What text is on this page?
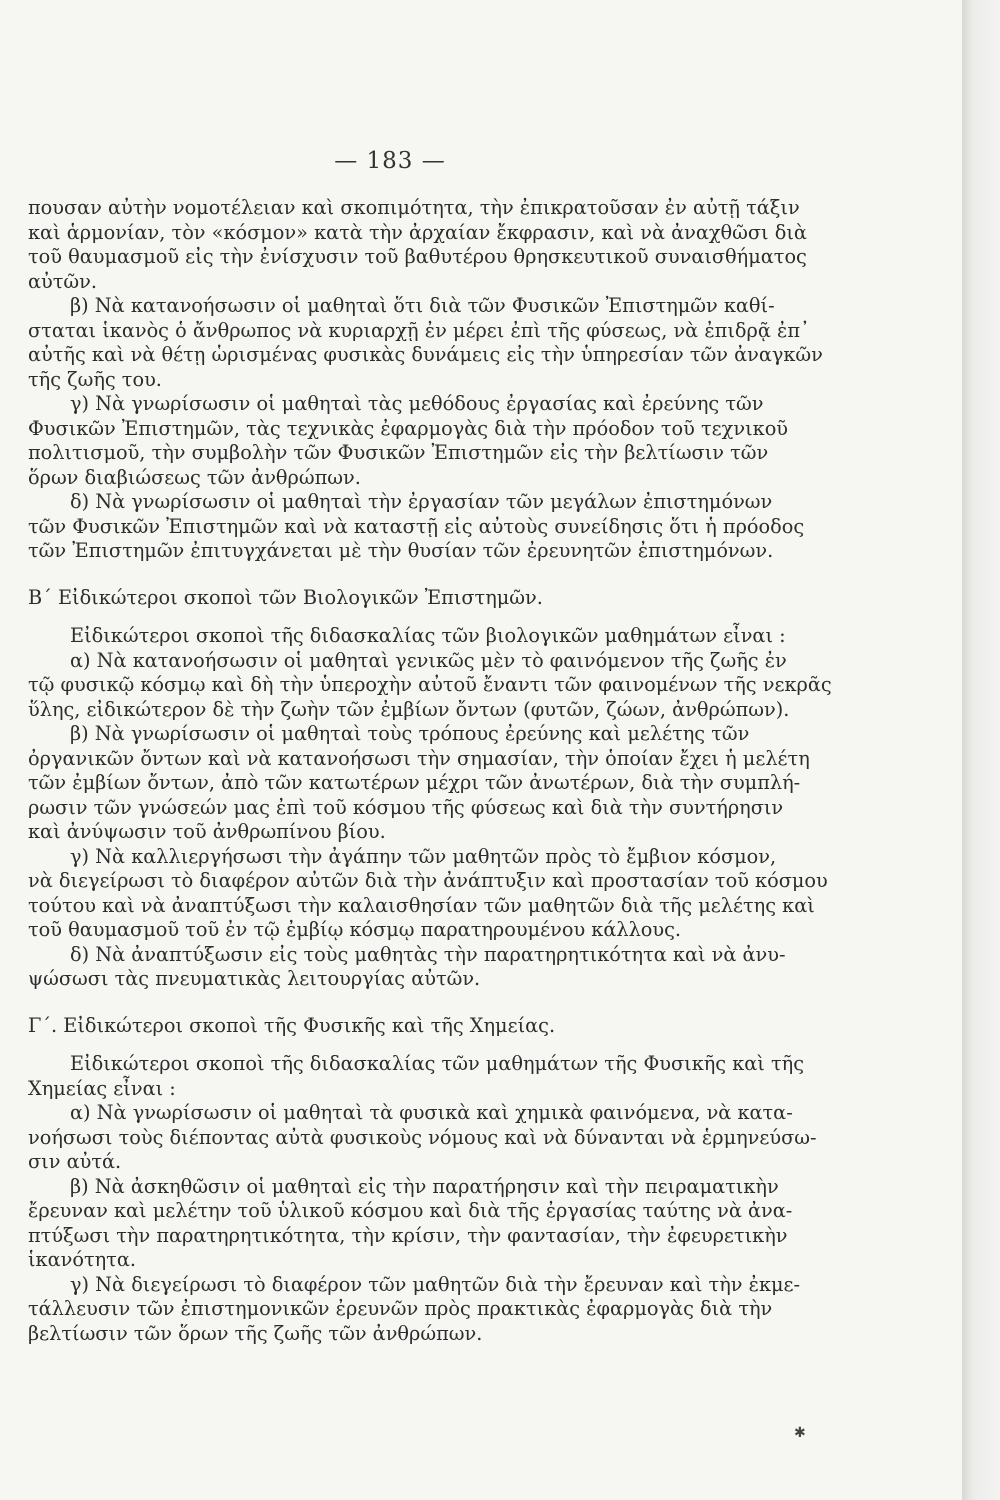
— 183 —

πουσαν αὐτὴν νομοτέλειαν καὶ σκοπιμότητα, τὴν ἐπικρατοῦσαν ἐν αὐτῇ τάξιν
καὶ ἁρμονίαν, τὸν «κόσμον» κατὰ τὴν ἀρχαίαν ἔκφρασιν, καὶ νὰ ἀναχθῶσι διὰ
τοῦ θαυμασμοῦ εἰς τὴν ἐνίσχυσιν τοῦ βαθυτέρου θρησκευτικοῦ συναισθήματος
αὐτῶν.

β) Νὰ κατανοήσωσιν οἱ μαθηταὶ ὅτι διὰ τῶν Φυσικῶν Ἐπιστημῶν καθί-
σταται ἱκανὸς ὁ ἄνθρωπος νὰ κυριαρχῇ ἐν μέρει ἐπὶ τῆς φύσεως, νὰ ἐπιδρᾷ ἐπ᾿
αὐτῆς καὶ νὰ θέτῃ ὡρισμένας φυσικὰς δυνάμεις εἰς τὴν ὑπηρεσίαν τῶν ἀναγκῶν
τῆς ζωῆς του.

γ) Νὰ γνωρίσωσιν οἱ μαθηταὶ τὰς μεθόδους ἐργασίας καὶ ἐρεύνης τῶν
Φυσικῶν Ἐπιστημῶν, τὰς τεχνικὰς ἐφαρμογὰς διὰ τὴν πρόοδον τοῦ τεχνικοῦ
πολιτισμοῦ, τὴν συμβολὴν τῶν Φυσικῶν Ἐπιστημῶν εἰς τὴν βελτίωσιν τῶν
ὅρων διαβιώσεως τῶν ἀνθρώπων.

δ) Νὰ γνωρίσωσιν οἱ μαθηταὶ τὴν ἐργασίαν τῶν μεγάλων ἐπιστημόνων
τῶν Φυσικῶν Ἐπιστημῶν καὶ νὰ καταστῇ εἰς αὐτοὺς συνείδησις ὅτι ἡ πρόοδος
τῶν Ἐπιστημῶν ἐπιτυγχάνεται μὲ τὴν θυσίαν τῶν ἐρευνητῶν ἐπιστημόνων.

Β΄ Εἰδικώτεροι σκοποὶ τῶν Βιολογικῶν Ἐπιστημῶν.

Εἰδικώτεροι σκοποὶ τῆς διδασκαλίας τῶν βιολογικῶν μαθημάτων εἶναι :

α) Νὰ κατανοήσωσιν οἱ μαθηταὶ γενικῶς μὲν τὸ φαινόμενον τῆς ζωῆς ἐν
τῷ φυσικῷ κόσμῳ καὶ δὴ τὴν ὑπεροχὴν αὐτοῦ ἔναντι τῶν φαινομένων τῆς νεκρᾶς
ὕλης, εἰδικώτερον δὲ τὴν ζωὴν τῶν ἐμβίων ὄντων (φυτῶν, ζώων, ἀνθρώπων).

β) Νὰ γνωρίσωσιν οἱ μαθηταὶ τοὺς τρόπους ἐρεύνης καὶ μελέτης τῶν
ὀργανικῶν ὄντων καὶ νὰ κατανοήσωσι τὴν σημασίαν, τὴν ὁποίαν ἔχει ἡ μελέτη
τῶν ἐμβίων ὄντων, ἀπὸ τῶν κατωτέρων μέχρι τῶν ἀνωτέρων, διὰ τὴν συμπλή-
ρωσιν τῶν γνώσεών μας ἐπὶ τοῦ κόσμου τῆς φύσεως καὶ διὰ τὴν συντήρησιν
καὶ ἀνύψωσιν τοῦ ἀνθρωπίνου βίου.

γ) Νὰ καλλιεργήσωσι τὴν ἀγάπην τῶν μαθητῶν πρὸς τὸ ἔμβιον κόσμον,
νὰ διεγείρωσι τὸ διαφέρον αὐτῶν διὰ τὴν ἀνάπτυξιν καὶ προστασίαν τοῦ κόσμου
τούτου καὶ νὰ ἀναπτύξωσι τὴν καλαισθησίαν τῶν μαθητῶν διὰ τῆς μελέτης καὶ
τοῦ θαυμασμοῦ τοῦ ἐν τῷ ἐμβίῳ κόσμῳ παρατηρουμένου κάλλους.

δ) Νὰ ἀναπτύξωσιν εἰς τοὺς μαθητὰς τὴν παρατηρητικότητα καὶ νὰ ἀνυ-
ψώσωσι τὰς πνευματικὰς λειτουργίας αὐτῶν.

Γ΄. Εἰδικώτεροι σκοποὶ τῆς Φυσικῆς καὶ τῆς Χημείας.

Εἰδικώτεροι σκοποὶ τῆς διδασκαλίας τῶν μαθημάτων τῆς Φυσικῆς καὶ τῆς
Χημείας εἶναι :

α) Νὰ γνωρίσωσιν οἱ μαθηταὶ τὰ φυσικὰ καὶ χημικὰ φαινόμενα, νὰ κατα-
νοήσωσι τοὺς διέποντας αὐτὰ φυσικοὺς νόμους καὶ νὰ δύνανται νὰ ἑρμηνεύσω-
σιν αὐτά.

β) Νὰ ἀσκηθῶσιν οἱ μαθηταὶ εἰς τὴν παρατήρησιν καὶ τὴν πειραματικὴν
ἔρευναν καὶ μελέτην τοῦ ὑλικοῦ κόσμου καὶ διὰ τῆς ἐργασίας ταύτης νὰ ἀνα-
πτύξωσι τὴν παρατηρητικότητα, τὴν κρίσιν, τὴν φαντασίαν, τὴν ἐφευρετικὴν
ἱκανότητα.

γ) Νὰ διεγείρωσι τὸ διαφέρον τῶν μαθητῶν διὰ τὴν ἔρευναν καὶ τὴν ἐκμε-
τάλλευσιν τῶν ἐπιστημονικῶν ἐρευνῶν πρὸς πρακτικὰς ἐφαρμογὰς διὰ τὴν
βελτίωσιν τῶν ὅρων τῆς ζωῆς τῶν ἀνθρώπων.

✱
